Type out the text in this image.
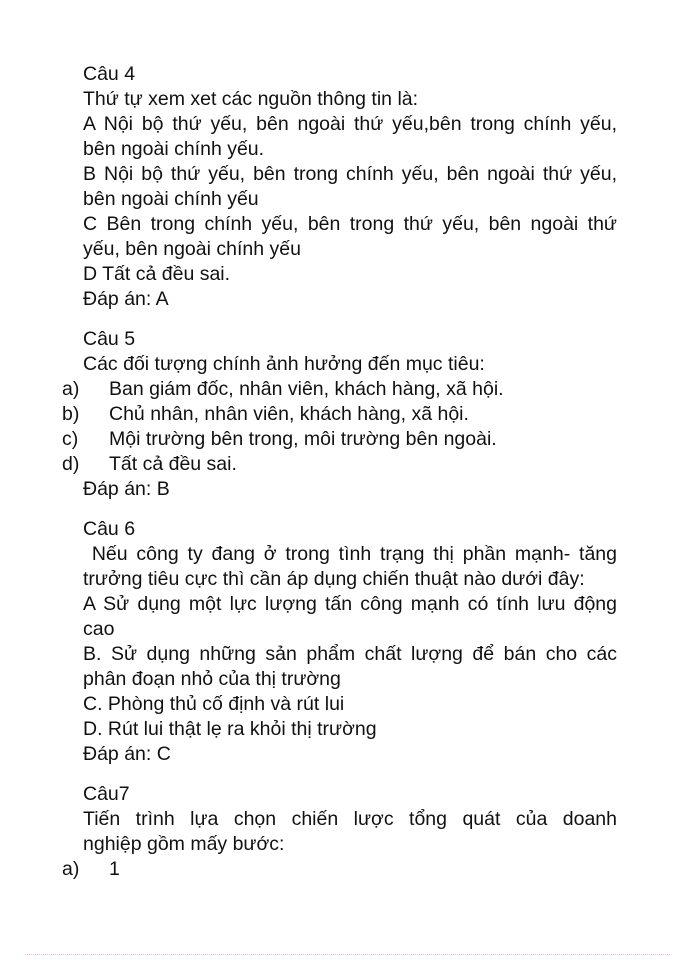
Câu 4
Thứ tự xem xet các nguồn thông tin là:
A Nội bộ thứ yếu, bên ngoài thứ yếu,bên trong chính yếu,
bên ngoài chính yếu.
B Nội bộ thứ yếu, bên trong chính yếu, bên ngoài thứ yếu,
bên ngoài chính yếu
C Bên trong chính yếu, bên trong thứ yếu, bên ngoài thứ
yếu, bên ngoài chính yếu
D Tất cả đều sai.
Đáp án: A
Câu 5
Các đối tượng chính ảnh hưởng đến mục tiêu:
a) Ban giám đốc, nhân viên, khách hàng, xã hội.
b) Chủ nhân, nhân viên, khách hàng, xã hội.
c) Mội trường bên trong, môi trường bên ngoài.
d) Tất cả đều sai.
Đáp án: B
Câu 6
Nếu công ty đang ở trong tình trạng thị phần mạnh- tăng
trưởng tiêu cực thì cần áp dụng chiến thuật nào dưới đây:
A Sử dụng một lực lượng tấn công mạnh có tính lưu động
cao
B. Sử dụng những sản phẩm chất lượng để bán cho các
phân đoạn nhỏ của thị trường
C. Phòng thủ cố định và rút lui
D. Rút lui thật lẹ ra khỏi thị trường
Đáp án: C
Câu7
Tiến trình lựa chọn chiến lược tổng quát của doanh
nghiệp gồm mấy bước:
a) 1
